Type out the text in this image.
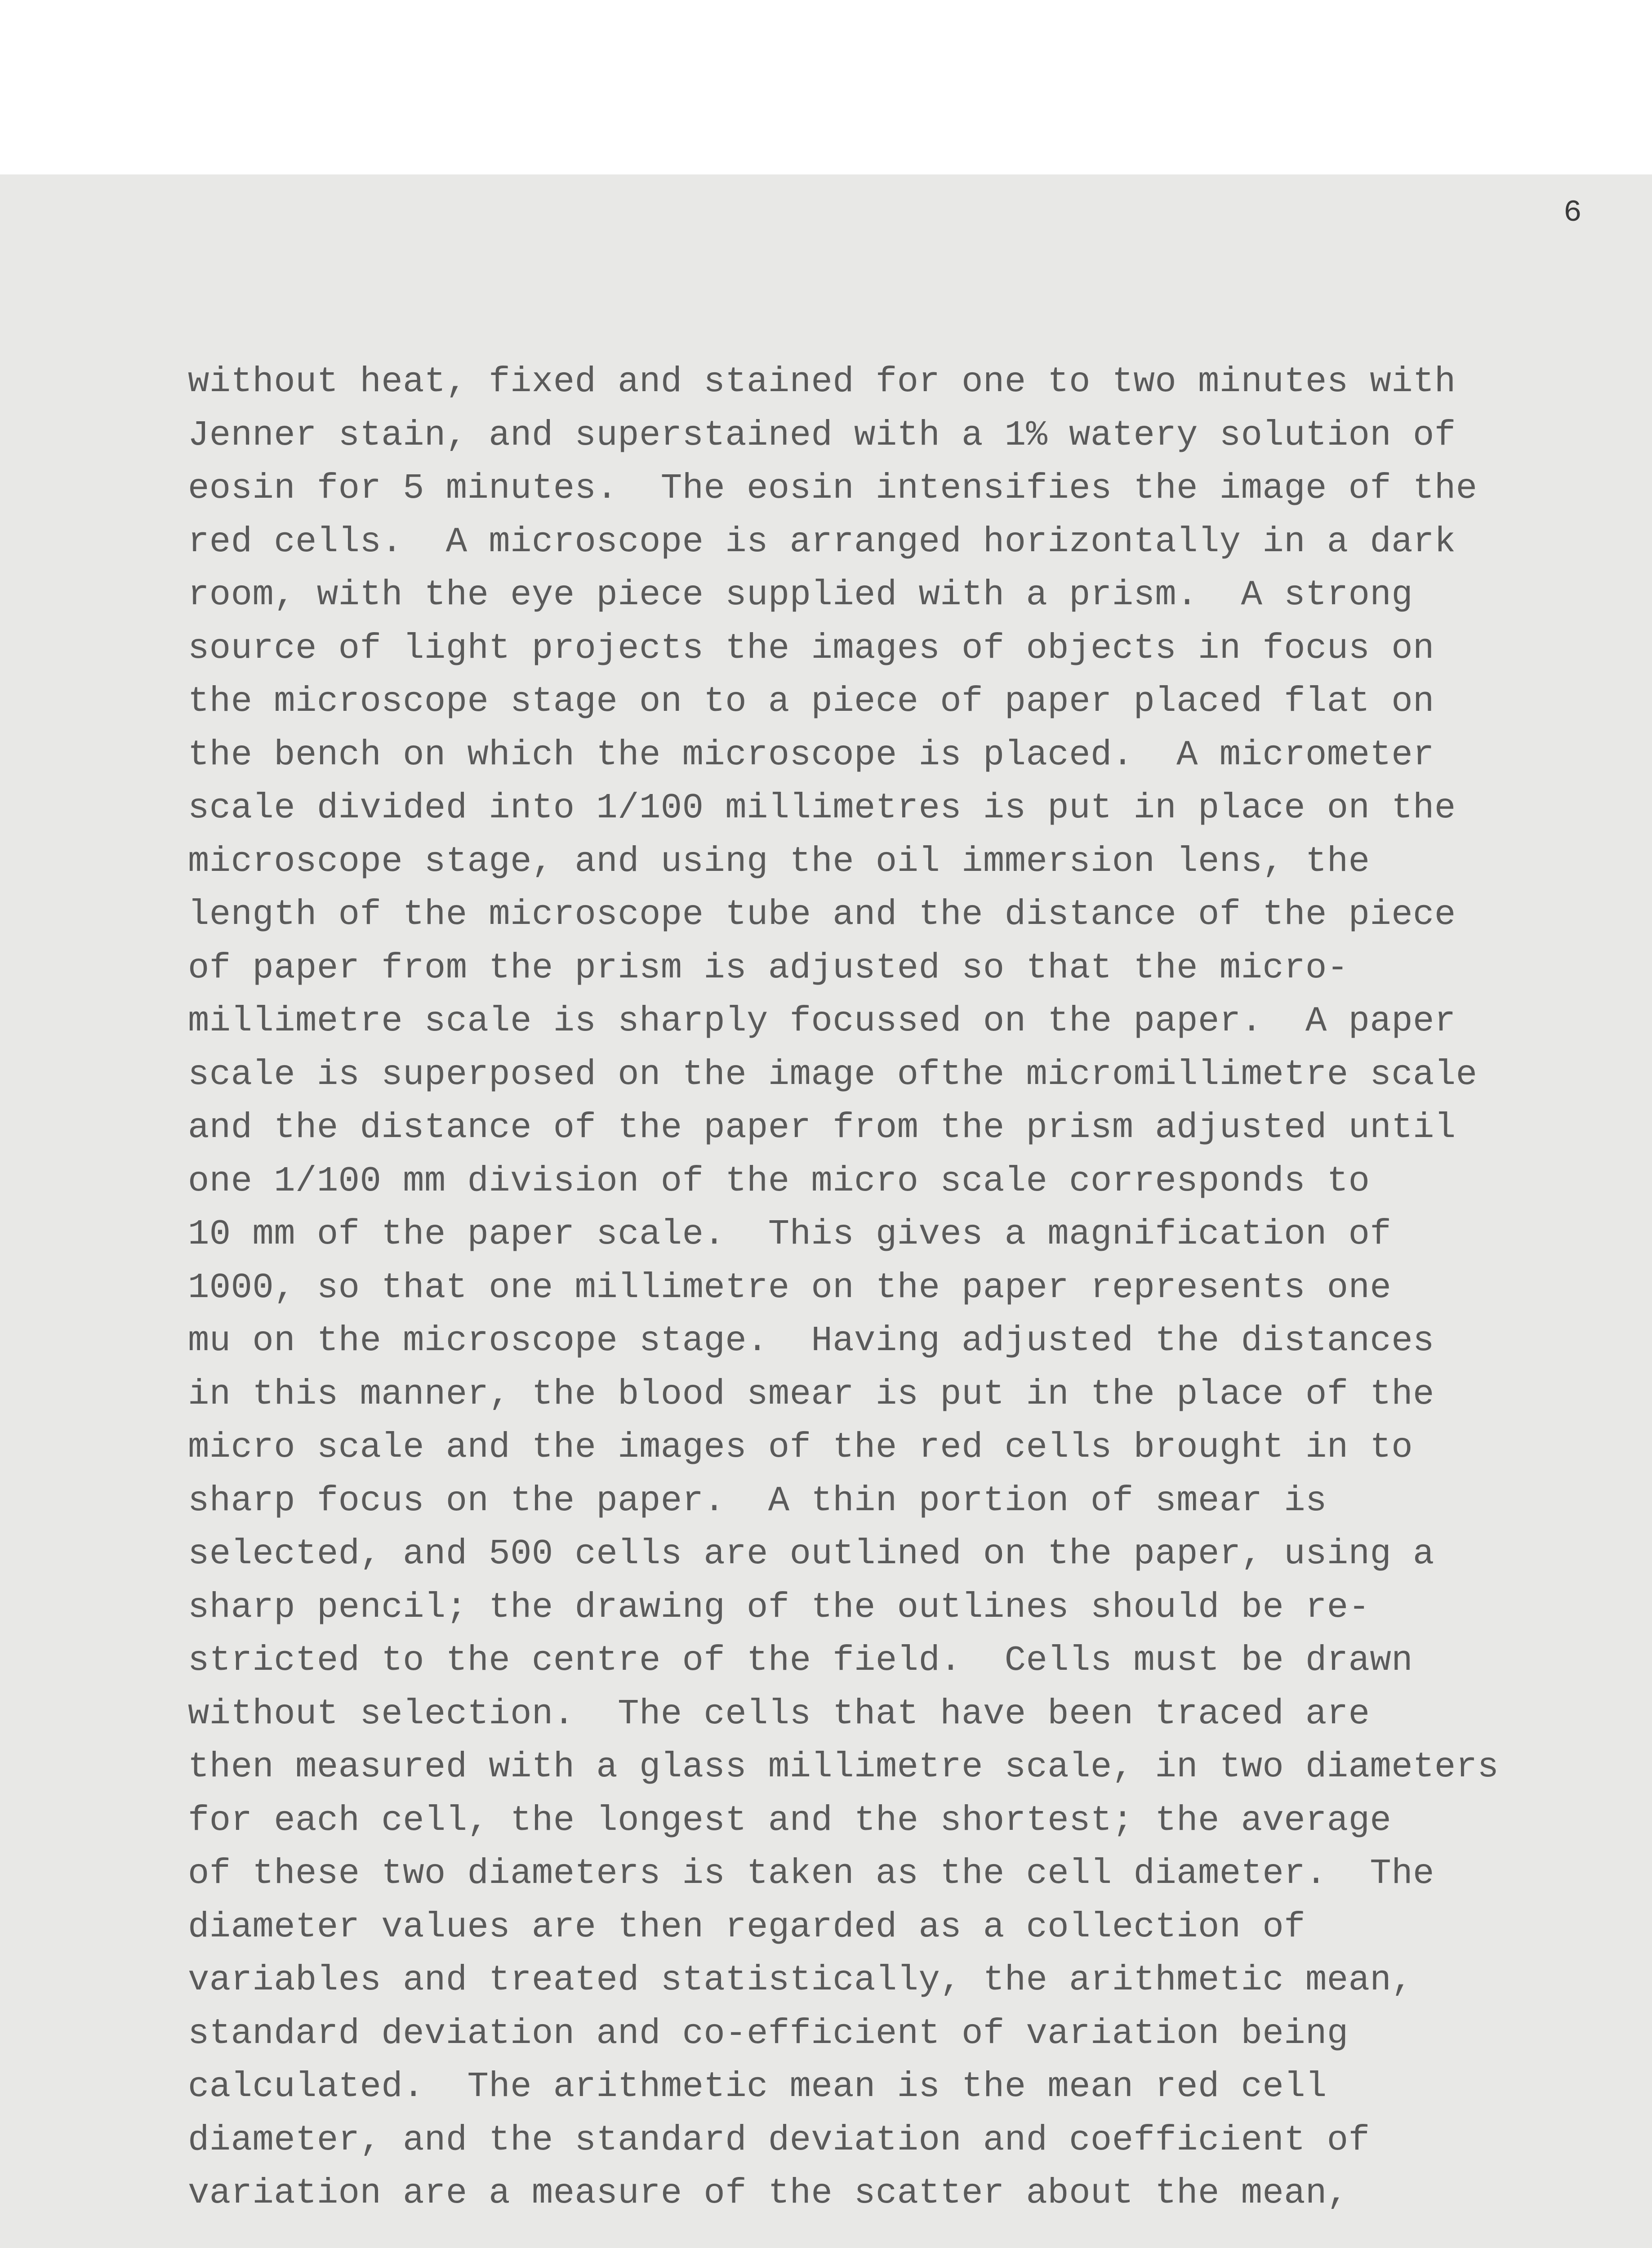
6
without heat, fixed and stained for one to two minutes with
Jenner stain, and superstained with a 1% watery solution of
eosin for 5 minutes.  The eosin intensifies the image of the
red cells.  A microscope is arranged horizontally in a dark
room, with the eye piece supplied with a prism.  A strong
source of light projects the images of objects in focus on
the microscope stage on to a piece of paper placed flat on
the bench on which the microscope is placed.  A micrometer
scale divided into 1/100 millimetres is put in place on the
microscope stage, and using the oil immersion lens, the
length of the microscope tube and the distance of the piece
of paper from the prism is adjusted so that the micro-
millimetre scale is sharply focussed on the paper.  A paper
scale is superposed on the image ofthe micromillimetre scale
and the distance of the paper from the prism adjusted until
one 1/100 mm division of the micro scale corresponds to
10 mm of the paper scale.  This gives a magnification of
1000, so that one millimetre on the paper represents one
mu on the microscope stage.  Having adjusted the distances
in this manner, the blood smear is put in the place of the
micro scale and the images of the red cells brought in to
sharp focus on the paper.  A thin portion of smear is
selected, and 500 cells are outlined on the paper, using a
sharp pencil; the drawing of the outlines should be re-
stricted to the centre of the field.  Cells must be drawn
without selection.  The cells that have been traced are
then measured with a glass millimetre scale, in two diameters
for each cell, the longest and the shortest; the average
of these two diameters is taken as the cell diameter.  The
diameter values are then regarded as a collection of
variables and treated statistically, the arithmetic mean,
standard deviation and co-efficient of variation being
calculated.  The arithmetic mean is the mean red cell
diameter, and the standard deviation and coefficient of
variation are a measure of the scatter about the mean,
